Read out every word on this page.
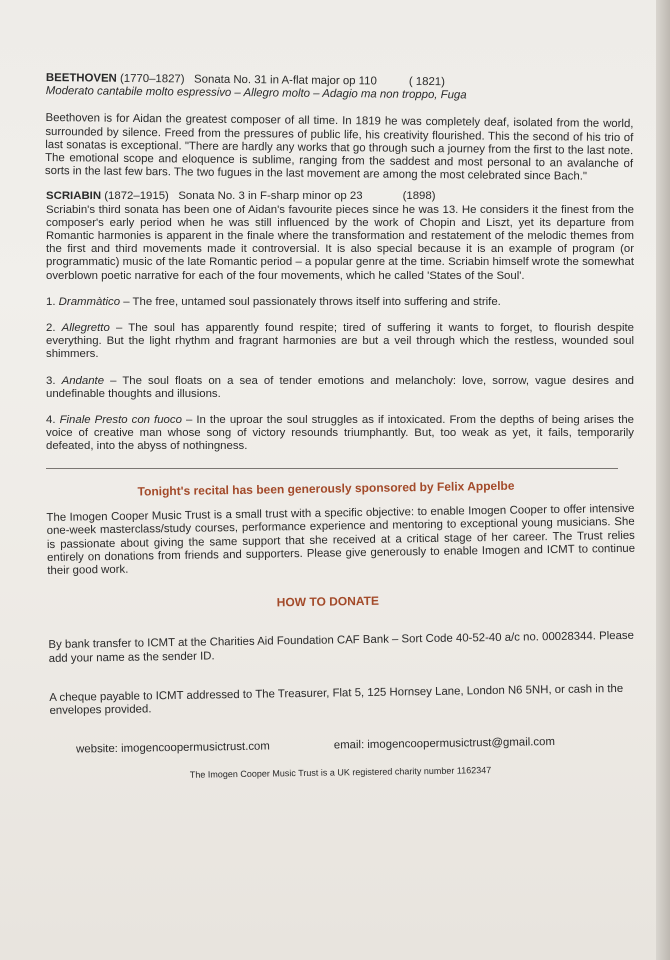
BEETHOVEN (1770–1827) Sonata No. 31 in A-flat major op 110	( 1821)

Moderato cantabile molto espressivo – Allegro molto – Adagio ma non troppo, Fuga

Beethoven is for Aidan the greatest composer of all time. In 1819 he was completely deaf, isolated from the world, surrounded by silence. Freed from the pressures of public life, his creativity flourished. This the second of his trio of last sonatas is exceptional. "There are hardly any works that go through such a journey from the first to the last note. The emotional scope and eloquence is sublime, ranging from the saddest and most personal to an avalanche of sorts in the last few bars. The two fugues in the last movement are among the most celebrated since Bach."

SCRIABIN (1872–1915) Sonata No. 3 in F-sharp minor op 23	(1898)

Scriabin's third sonata has been one of Aidan's favourite pieces since he was 13. He considers it the finest from the composer's early period when he was still influenced by the work of Chopin and Liszt, yet its departure from Romantic harmonies is apparent in the finale where the transformation and restatement of the melodic themes from the first and third movements made it controversial. It is also special because it is an example of program (or programmatic) music of the late Romantic period – a popular genre at the time. Scriabin himself wrote the somewhat overblown poetic narrative for each of the four movements, which he called 'States of the Soul'.

1. Drammàtico – The free, untamed soul passionately throws itself into suffering and strife.

2. Allegretto – The soul has apparently found respite; tired of suffering it wants to forget, to flourish despite everything. But the light rhythm and fragrant harmonies are but a veil through which the restless, wounded soul shimmers.

3. Andante – The soul floats on a sea of tender emotions and melancholy: love, sorrow, vague desires and undefinable thoughts and illusions.

4. Finale Presto con fuoco – In the uproar the soul struggles as if intoxicated. From the depths of being arises the voice of creative man whose song of victory resounds triumphantly. But, too weak as yet, it fails, temporarily defeated, into the abyss of nothingness.

Tonight's recital has been generously sponsored by Felix Appelbe

The Imogen Cooper Music Trust is a small trust with a specific objective: to enable Imogen Cooper to offer intensive one-week masterclass/study courses, performance experience and mentoring to exceptional young musicians. She is passionate about giving the same support that she received at a critical stage of her career. The Trust relies entirely on donations from friends and supporters. Please give generously to enable Imogen and ICMT to continue their good work.

HOW TO DONATE

By bank transfer to ICMT at the Charities Aid Foundation CAF Bank – Sort Code 40-52-40 a/c no. 00028344. Please add your name as the sender ID.

A cheque payable to ICMT addressed to The Treasurer, Flat 5, 125 Hornsey Lane, London N6 5NH, or cash in the envelopes provided.

website: imogencoopermusictrust.com	email: imogencoopermusictrust@gmail.com

The Imogen Cooper Music Trust is a UK registered charity number 1162347
